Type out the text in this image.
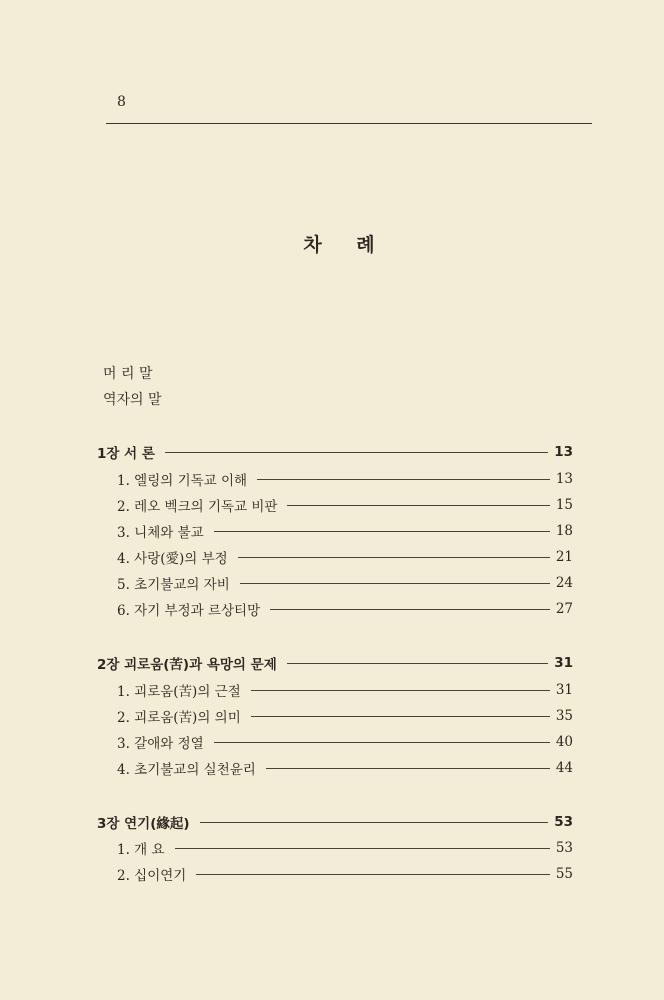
8
차 례
머 리 말
역자의 말
1장 서 론	13
1. 엘링의 기독교 이해	13
2. 레오 벡크의 기독교 비판	15
3. 니체와 불교	18
4. 사랑(愛)의 부정	21
5. 초기불교의 자비	24
6. 자기 부정과 르상티망	27
2장 괴로움(苦)과 욕망의 문제	31
1. 괴로움(苦)의 근절	31
2. 괴로움(苦)의 의미	35
3. 갈애와 정열	40
4. 초기불교의 실천윤리	44
3장 연기(緣起)	53
1. 개 요	53
2. 십이연기	55
